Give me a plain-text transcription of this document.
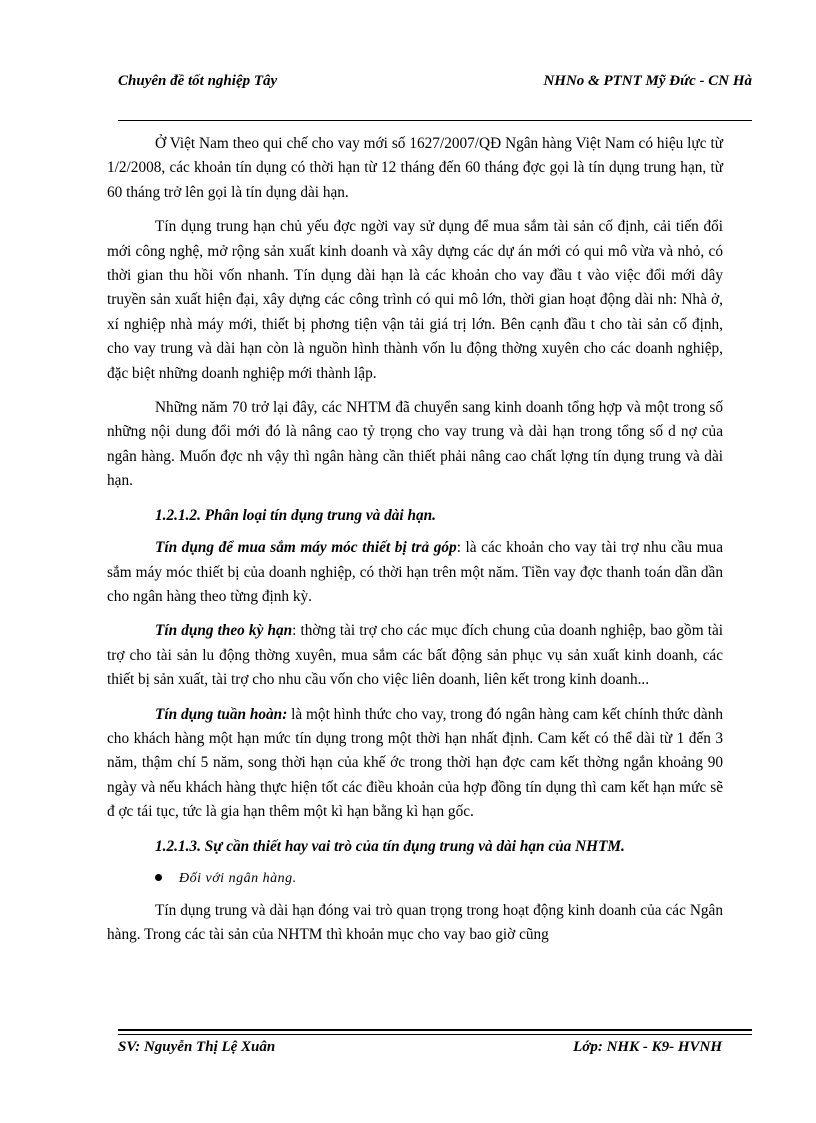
Chuyên đề tốt nghiệp Tây	NHNo & PTNT Mỹ Đức - CN Hà

Ở Việt Nam theo qui chế cho vay mới số 1627/2007/QĐ Ngân hàng Việt Nam có hiệu lực từ 1/2/2008, các khoản tín dụng có thời hạn từ 12 tháng đến 60 tháng đợc gọi là tín dụng trung hạn, từ 60 tháng trở lên gọi là tín dụng dài hạn.

Tín dụng trung hạn chủ yếu đợc ngời vay sử dụng để mua sắm tài sản cố định, cải tiến đổi mới công nghệ, mở rộng sản xuất kinh doanh và xây dựng các dự án mới có qui mô vừa và nhỏ, có thời gian thu hồi vốn nhanh. Tín dụng dài hạn là các khoản cho vay đầu t vào việc đổi mới dây truyền sản xuất hiện đại, xây dựng các công trình có qui mô lớn, thời gian hoạt động dài nh: Nhà ở, xí nghiệp nhà máy mới, thiết bị phơng tiện vận tải giá trị lớn. Bên cạnh đầu t cho tài sản cố định, cho vay trung và dài hạn còn là nguồn hình thành vốn lu động thờng xuyên cho các doanh nghiệp, đặc biệt những doanh nghiệp mới thành lập.

Những năm 70 trở lại đây, các NHTM đã chuyển sang kinh doanh tổng hợp và một trong số những nội dung đổi mới đó là nâng cao tỷ trọng cho vay trung và dài hạn trong tổng số d nợ của ngân hàng. Muốn đợc nh vậy thì ngân hàng cần thiết phải nâng cao chất lợng tín dụng trung và dài hạn.

1.2.1.2. Phân loại tín dụng trung và dài hạn.

Tín dụng để mua sắm máy móc thiết bị trả góp: là các khoản cho vay tài trợ nhu cầu mua sắm máy móc thiết bị của doanh nghiệp, có thời hạn trên một năm. Tiền vay đợc thanh toán dần dần cho ngân hàng theo từng định kỳ.

Tín dụng theo kỳ hạn: thờng tài trợ cho các mục đích chung của doanh nghiệp, bao gồm tài trợ cho tài sản lu động thờng xuyên, mua sắm các bất động sản phục vụ sản xuất kinh doanh, các thiết bị sản xuất, tài trợ cho nhu cầu vốn cho việc liên doanh, liên kết trong kinh doanh...

Tín dụng tuần hoàn: là một hình thức cho vay, trong đó ngân hàng cam kết chính thức dành cho khách hàng một hạn mức tín dụng trong một thời hạn nhất định. Cam kết có thể dài từ 1 đến 3 năm, thậm chí 5 năm, song thời hạn của khế ớc trong thời hạn đợc cam kết thờng ngắn khoảng 90 ngày và nếu khách hàng thực hiện tốt các điều khoản của hợp đồng tín dụng thì cam kết hạn mức sẽ đ ợc tái tục, tức là gia hạn thêm một kì hạn bằng kì hạn gốc.

1.2.1.3. Sự cần thiết hay vai trò của tín dụng trung và dài hạn của NHTM.

Đối với ngân hàng.

Tín dụng trung và dài hạn đóng vai trò quan trọng trong hoạt động kinh doanh của các Ngân hàng. Trong các tài sản của NHTM thì khoản mục cho vay bao giờ cũng

SV: Nguyễn Thị Lệ Xuân	Lớp: NHK - K9- HVNH
